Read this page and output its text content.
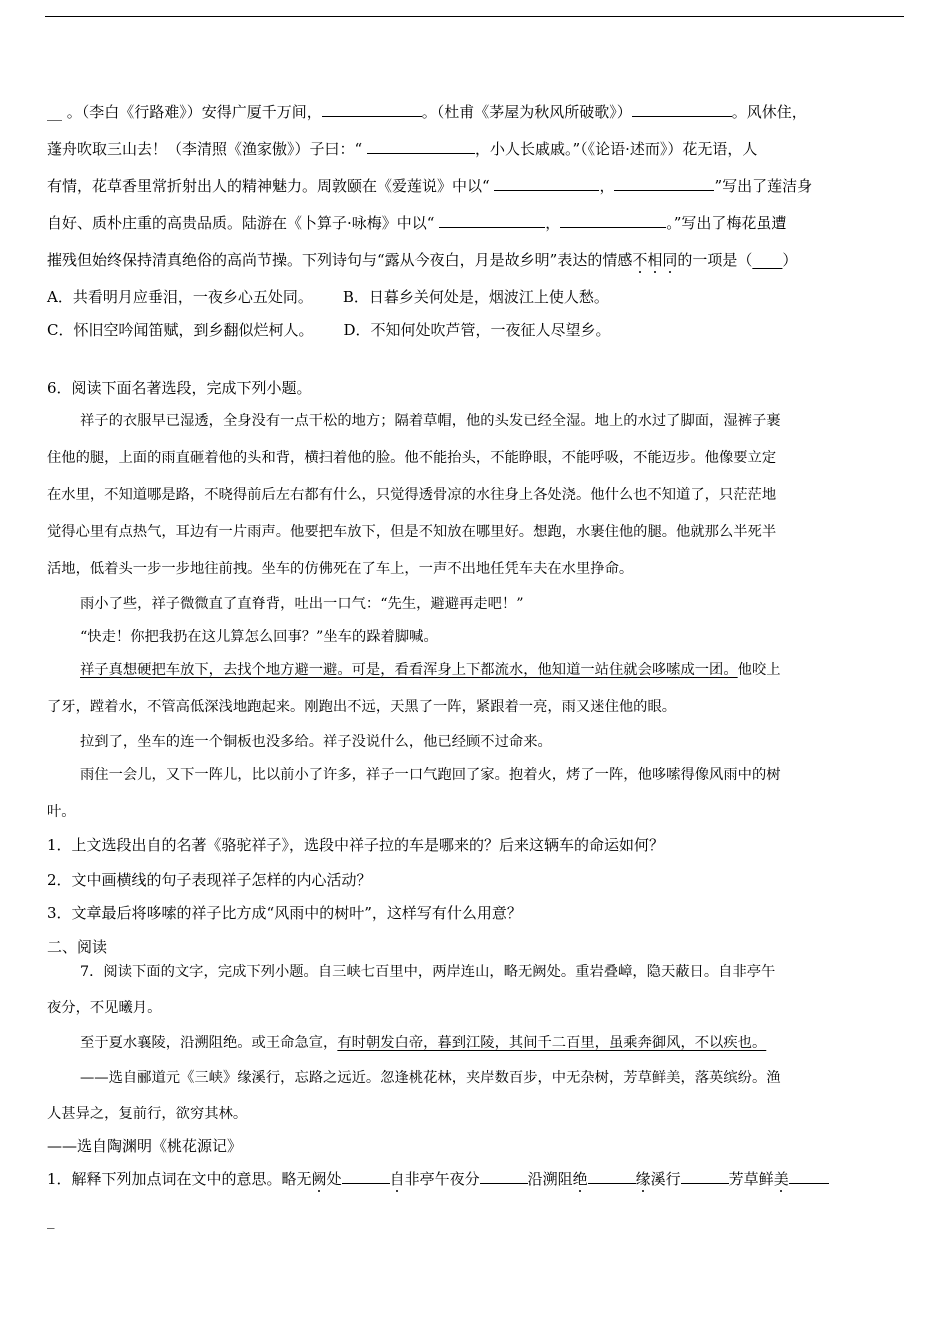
__ 。（李白《行路难》）安得广厦千万间，	。（杜甫《茅屋为秋风所破歌》）	。风休住，
蓬舟吹取三山去！（李清照《渔家傲》）子曰：“	，小人长戚戚。”（《论语·述而》）花无语，人
有情，花草香里常折射出人的精神魅力。周敦颐在《爱莲说》中以“	，	”写出了莲洁身
自好、质朴庄重的高贵品质。陆游在《卜算子·咏梅》中以“	，	。”写出了梅花虽遭
摧残但始终保持清真绝俗的高尚节操。下列诗句与“露从今夜白，月是故乡明”表达的情感不相同的一项是（____）
A．共看明月应垂泪，一夜乡心五处同。 B．日暮乡关何处是，烟波江上使人愁。
C．怀旧空吟闻笛赋，到乡翻似烂柯人。 D．不知何处吹芦管，一夜征人尽望乡。
6．阅读下面名著选段，完成下列小题。
祥子的衣服早已湿透，全身没有一点干松的地方；隔着草帽，他的头发已经全湿。地上的水过了脚面，湿裤子裹
住他的腿，上面的雨直砸着他的头和背，横扫着他的脸。他不能抬头，不能睁眼，不能呼吸，不能迈步。他像要立定
在水里，不知道哪是路，不晓得前后左右都有什么，只觉得透骨凉的水往身上各处浇。他什么也不知道了，只茫茫地
觉得心里有点热气，耳边有一片雨声。他要把车放下，但是不知放在哪里好。想跑，水裹住他的腿。他就那么半死半
活地，低着头一步一步地往前拽。坐车的仿佛死在了车上，一声不出地任凭车夫在水里挣命。
雨小了些，祥子微微直了直脊背，吐出一口气：“先生，避避再走吧！”
“快走！你把我扔在这儿算怎么回事？”坐车的跺着脚喊。
祥子真想硬把车放下，去找个地方避一避。可是，看看浑身上下都流水，他知道一站住就会哆嗦成一团。他咬上
了牙，蹚着水，不管高低深浅地跑起来。刚跑出不远，天黑了一阵，紧跟着一亮，雨又迷住他的眼。
拉到了，坐车的连一个铜板也没多给。祥子没说什么，他已经顾不过命来。
雨住一会儿，又下一阵儿，比以前小了许多，祥子一口气跑回了家。抱着火，烤了一阵，他哆嗦得像风雨中的树
叶。
1．上文选段出自的名著《骆驼祥子》，选段中祥子拉的车是哪来的？后来这辆车的命运如何？
2．文中画横线的句子表现祥子怎样的内心活动？
3．文章最后将哆嗦的祥子比方成“风雨中的树叶”，这样写有什么用意？
二、阅读
7．阅读下面的文字，完成下列小题。自三峡七百里中，两岸连山，略无阙处。重岩叠嶂，隐天蔽日。自非亭午
夜分，不见曦月。
至于夏水襄陵，沿溯阻绝。或王命急宣，有时朝发白帝，暮到江陵，其间千二百里，虽乘奔御风，不以疾也。
——选自郦道元《三峡》缘溪行，忘路之远近。忽逢桃花林，夹岸数百步，中无杂树，芳草鲜美，落英缤纷。渔
人甚异之，复前行，欲穷其林。
——选自陶渊明《桃花源记》
1．解释下列加点词在文中的意思。略无阙处	自非亭午夜分	沿溯阻绝	缘溪行	芳草鲜美
_
